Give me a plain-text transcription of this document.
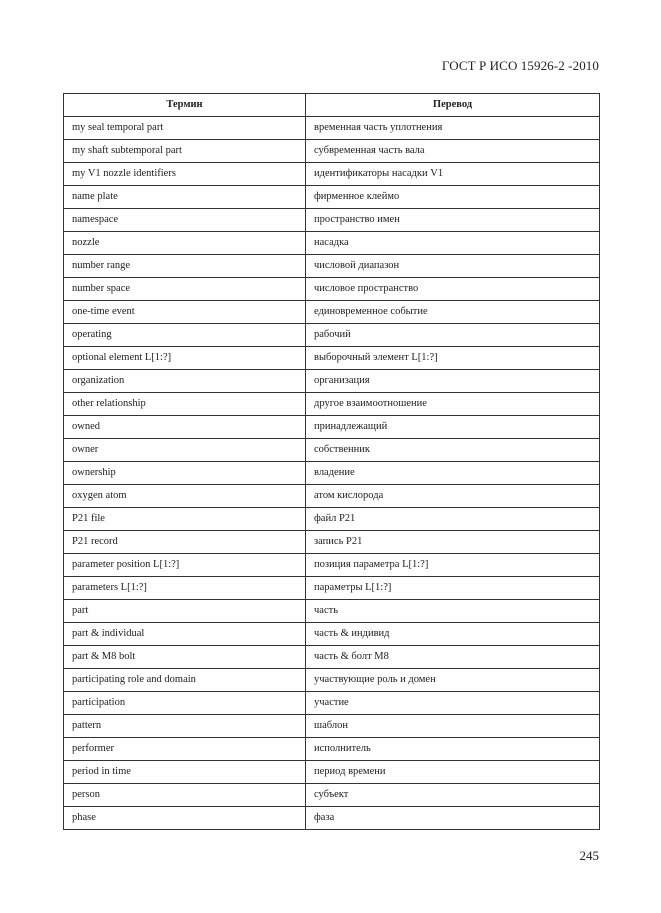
ГОСТ Р ИСО 15926-2 -2010
Термин	Перевод
my seal temporal part	временная часть уплотнения
my shaft subtemporal part	субвременная часть вала
my V1 nozzle identifiers	идентификаторы насадки V1
name plate	фирменное клеймо
namespace	пространство имен
nozzle	насадка
number range	числовой диапазон
number space	числовое пространство
one-time event	единовременное событие
operating	рабочий
optional element L[1:?]	выборочный элемент L[1:?]
organization	организация
other relationship	другое взаимоотношение
owned	принадлежащий
owner	собственник
ownership	владение
oxygen atom	атом кислорода
P21 file	файл P21
P21 record	запись P21
parameter position L[1:?]	позиция параметра L[1:?]
parameters L[1:?]	параметры L[1:?]
part	часть
part & individual	часть & индивид
part & M8 bolt	часть & болт M8
participating role and domain	участвующие роль и домен
participation	участие
pattern	шаблон
performer	исполнитель
period in time	период времени
person	субъект
phase	фаза
245
